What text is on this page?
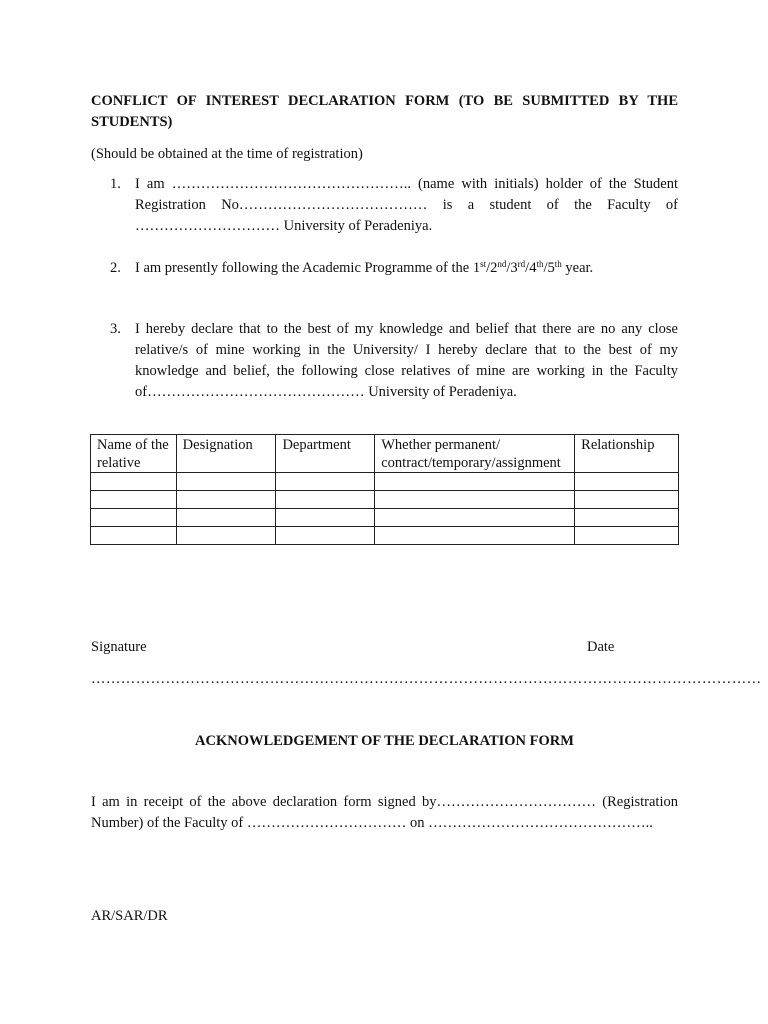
CONFLICT OF INTEREST DECLARATION FORM (TO BE SUBMITTED BY THE STUDENTS)
(Should be obtained at the time of registration)
1. I am ………………………………………….. (name with initials) holder of the Student
Registration No………………………………… is a student of the Faculty of
………………………… University of Peradeniya.
2. I am presently following the Academic Programme of the 1st/2nd/3rd/4th/5th year.
3. I hereby declare that to the best of my knowledge and belief that there are no any close relative/s of mine working in the University/ I hereby declare that to the best of my knowledge and belief, the following close relatives of mine are working in the Faculty
of……………………………………… University of Peradeniya.
Name of the relative	Designation	Department	Whether permanent/ contract/temporary/assignment	Relationship

Signature	Date
………………………………………………………………………………………………………………………
ACKNOWLEDGEMENT OF THE DECLARATION FORM
I am in receipt of the above declaration form signed by…………………………… (Registration
Number) of the Faculty of …………………………… on ………………………………………..
AR/SAR/DR
